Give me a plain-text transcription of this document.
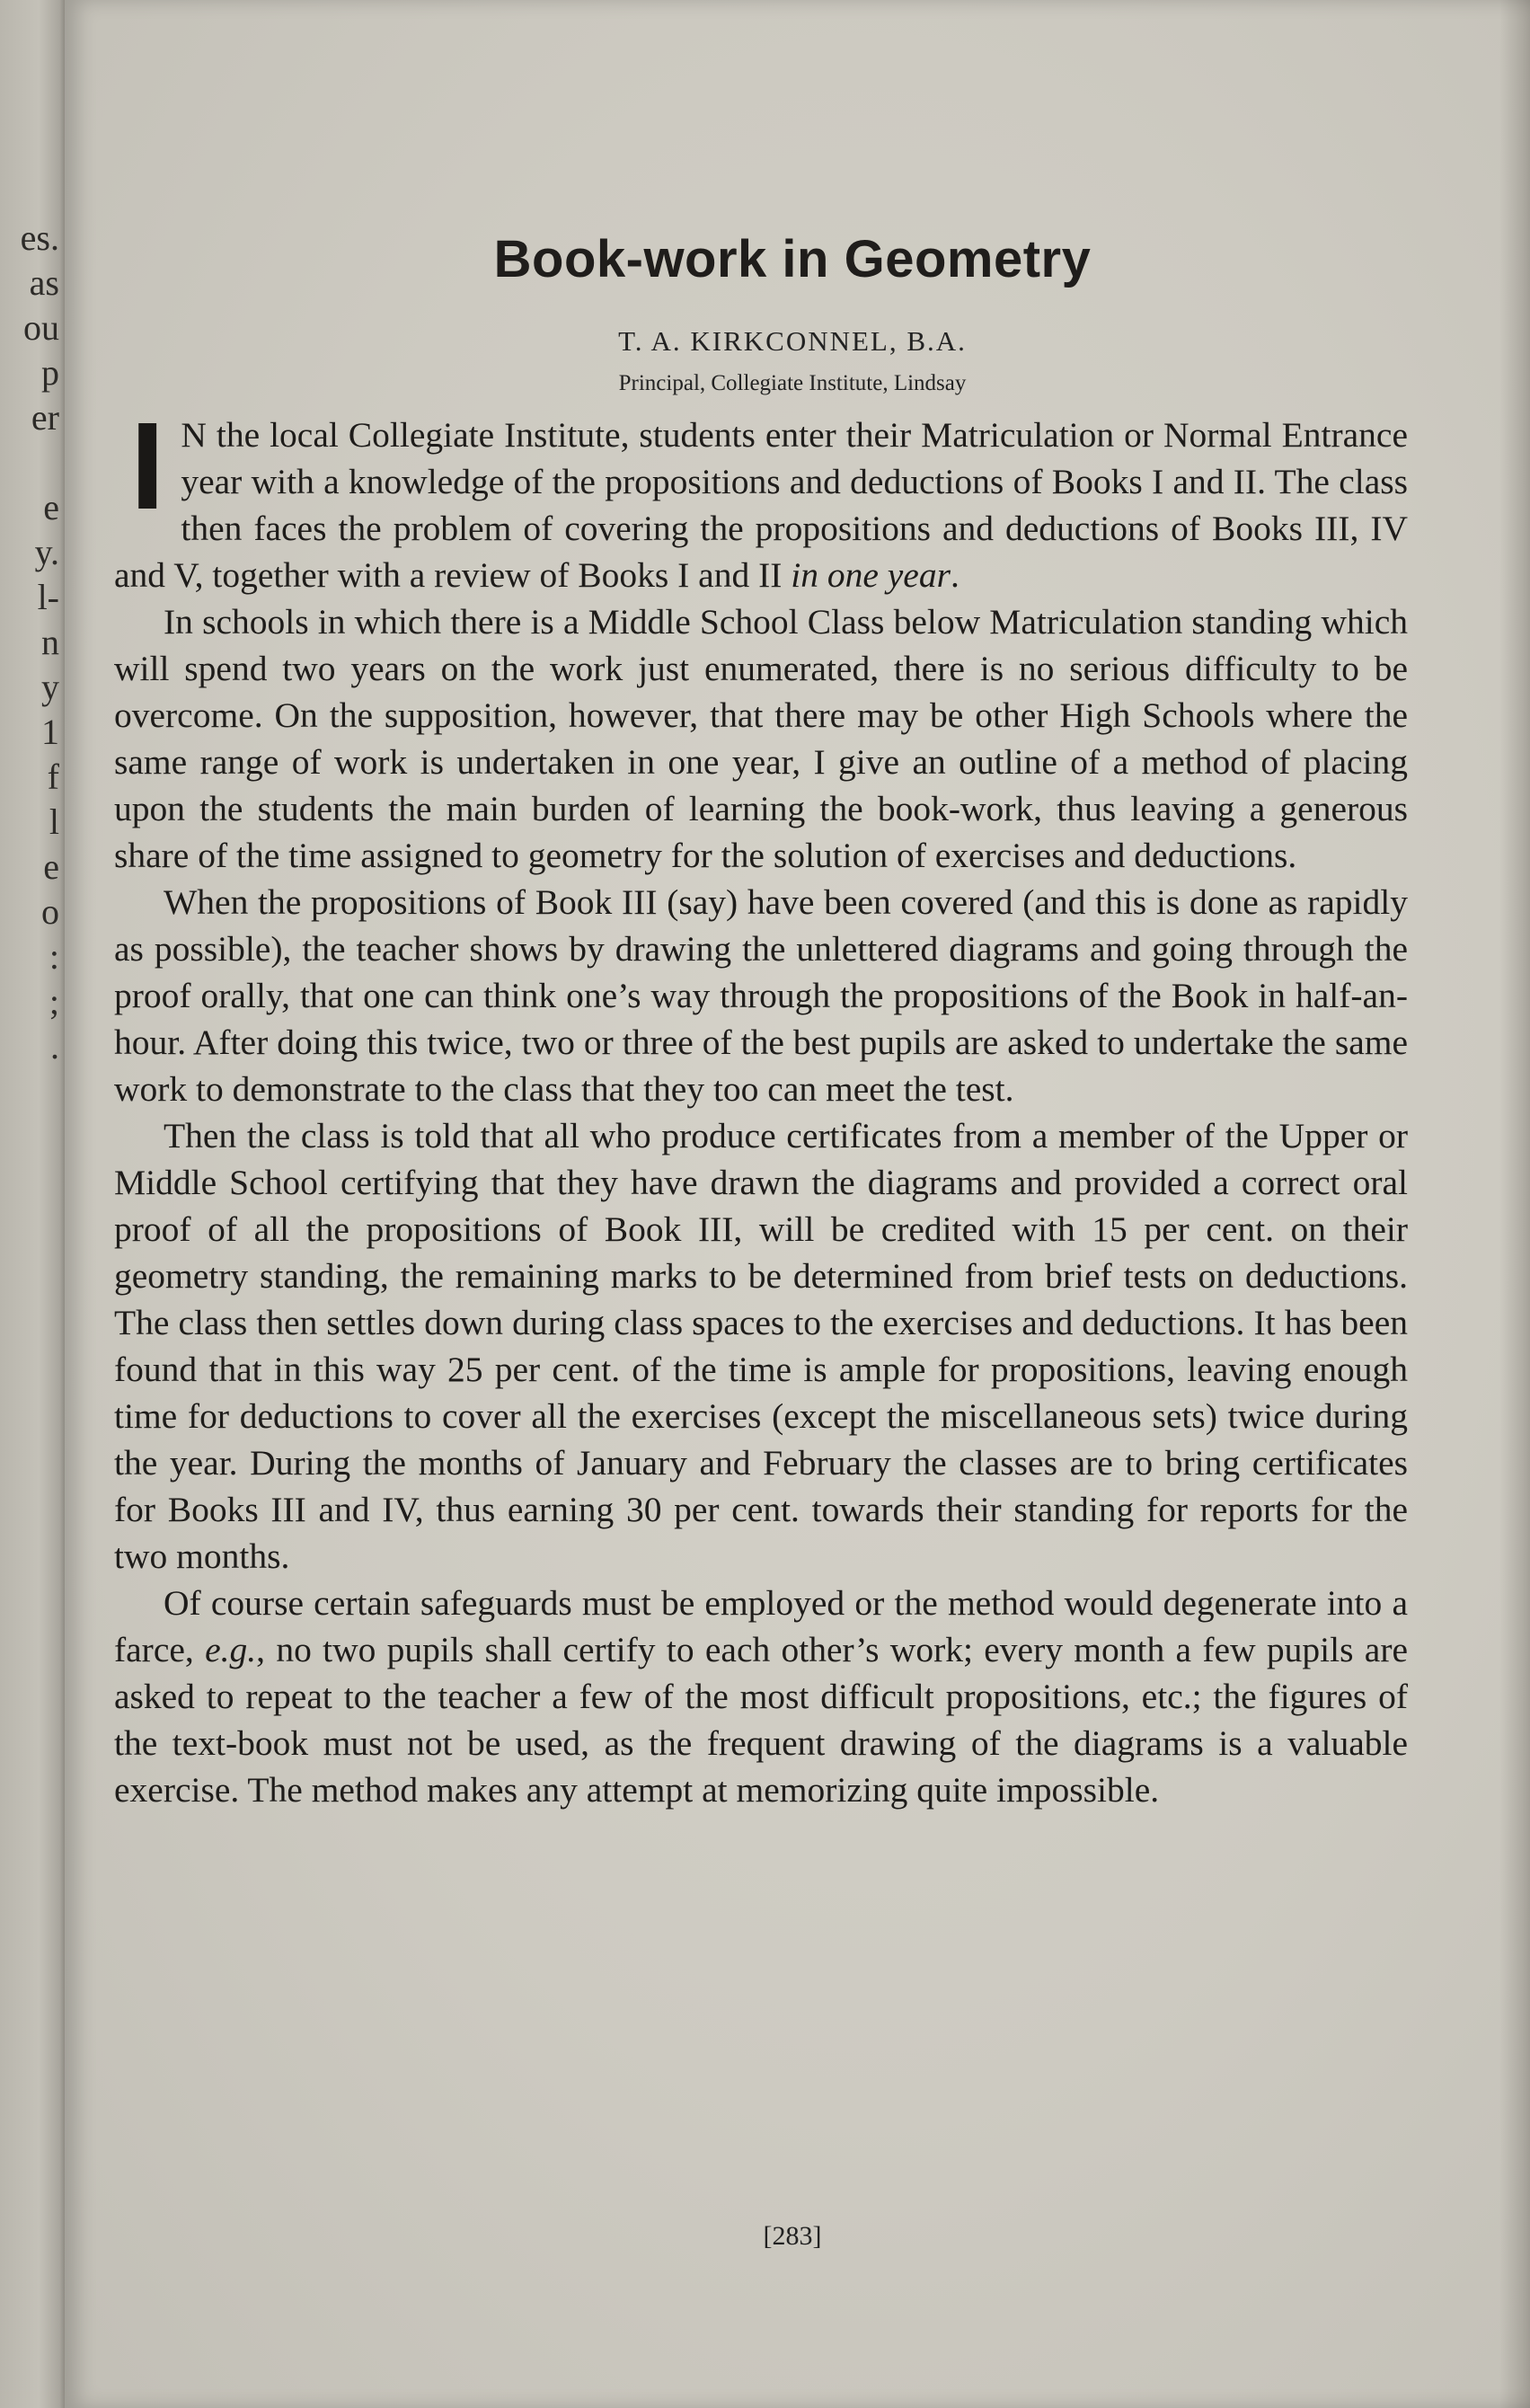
es.
as
ou
p
er

e
y.
l-
n
y
1
f
l
e
o
:
;
.
Book-work in Geometry
T. A. KIRKCONNEL, B.A.
Principal, Collegiate Institute, Lindsay

I N the local Collegiate Institute, students enter their Matriculation or Normal Entrance year with a knowledge of the propositions and deductions of Books I and II. The class then faces the problem of covering the propositions and deductions of Books III, IV and V, together with a review of Books I and II in one year.

In schools in which there is a Middle School Class below Matriculation standing which will spend two years on the work just enumerated, there is no serious difficulty to be overcome. On the supposition, however, that there may be other High Schools where the same range of work is undertaken in one year, I give an outline of a method of placing upon the students the main burden of learning the book-work, thus leaving a generous share of the time assigned to geometry for the solution of exercises and deductions.

When the propositions of Book III (say) have been covered (and this is done as rapidly as possible), the teacher shows by drawing the unlettered diagrams and going through the proof orally, that one can think one’s way through the propositions of the Book in half-an-hour. After doing this twice, two or three of the best pupils are asked to undertake the same work to demonstrate to the class that they too can meet the test.

Then the class is told that all who produce certificates from a member of the Upper or Middle School certifying that they have drawn the diagrams and provided a correct oral proof of all the propositions of Book III, will be credited with 15 per cent. on their geometry standing, the remaining marks to be determined from brief tests on deductions. The class then settles down during class spaces to the exercises and deductions. It has been found that in this way 25 per cent. of the time is ample for propositions, leaving enough time for deductions to cover all the exercises (except the miscellaneous sets) twice during the year. During the months of January and February the classes are to bring certificates for Books III and IV, thus earning 30 per cent. towards their standing for reports for the two months.

Of course certain safeguards must be employed or the method would degenerate into a farce, e.g., no two pupils shall certify to each other’s work; every month a few pupils are asked to repeat to the teacher a few of the most difficult propositions, etc.; the figures of the text-book must not be used, as the frequent drawing of the diagrams is a valuable exercise. The method makes any attempt at memorizing quite impossible.

[283]
